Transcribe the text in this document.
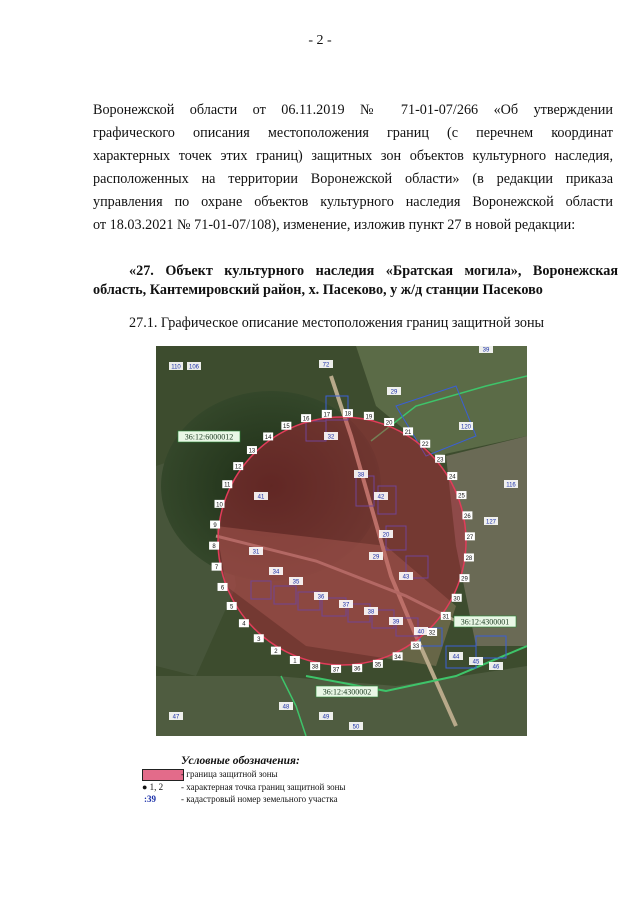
- 2 -
Воронежской области от 06.11.2019 № 71-01-07/266 «Об утверждении
графического описания местоположения границ (с перечнем координат
характерных точек этих границ) защитных зон объектов культурного наследия,
расположенных на территории Воронежской области» (в редакции приказа
управления по охране объектов культурного наследия Воронежской области
от 18.03.2021 № 71-01-07/108), изменение, изложив пункт 27 в новой редакции:
«27. Объект культурного наследия «Братская могила», Воронежская
область, Кантемировский район, х. Пасеково, у ж/д станции Пасеково
27.1. Графическое описание местоположения границ защитной зоны
1
2
3
4
5
6
7
8
9
10
11
12
13
14
15
16
17 18 19
20
21
22
23
24
25
26
27
28
29
30
31
32
33
34
35
36
37
38
36:12:6000012
36:12:4300001
36:12:4300002
106	72
39
32
120
116
127
29
38
20
110
29
31
34
35
36
37
38
39
40
41	42
43
44
45
46
47
48
49
50
Условные обозначения:
- граница защитной зоны
● 1, 2 - характерная точка границ защитной зоны
:39	- кадастровый номер земельного участка
